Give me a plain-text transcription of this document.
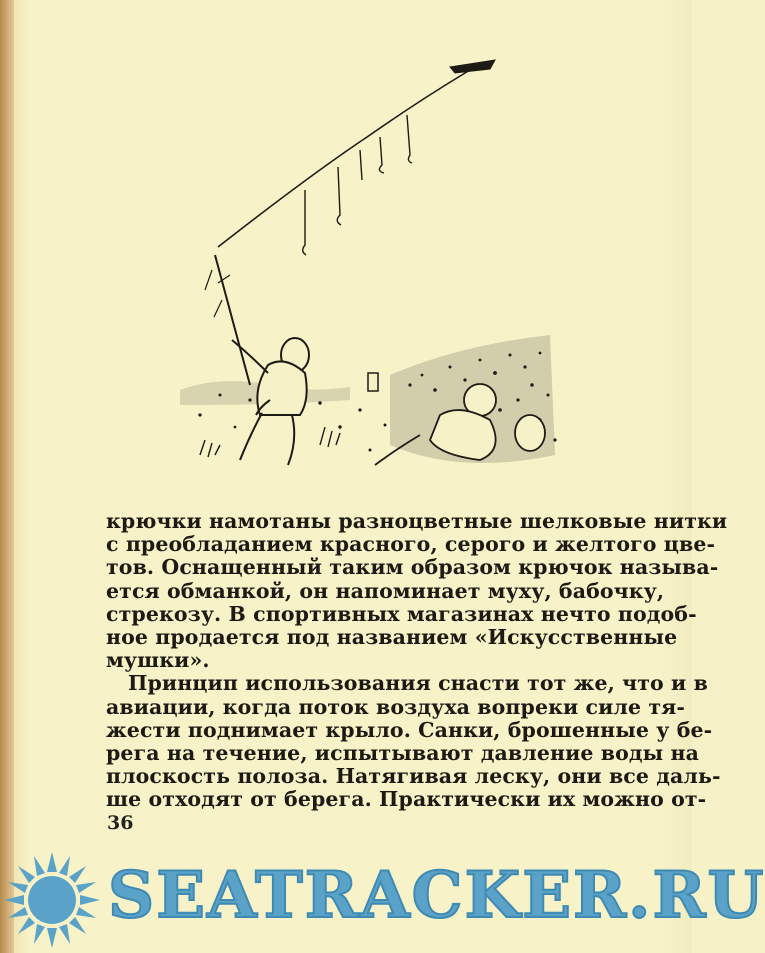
крючки намотаны разноцветные шелковые нитки
с преобладанием красного, серого и желтого цве-
тов. Оснащенный таким образом крючок называ-
ется обманкой, он напоминает муху, бабочку,
стрекозу. В спортивных магазинах нечто подоб-
ное продается под названием «Искусственные
мушки».
Принцип использования снасти тот же, что и в
авиации, когда поток воздуха вопреки силе тя-
жести поднимает крыло. Санки, брошенные у бе-
рега на течение, испытывают давление воды на
плоскость полоза. Натягивая леску, они все даль-
ше отходят от берега. Практически их можно от-
36
SEATRACKER.RU
